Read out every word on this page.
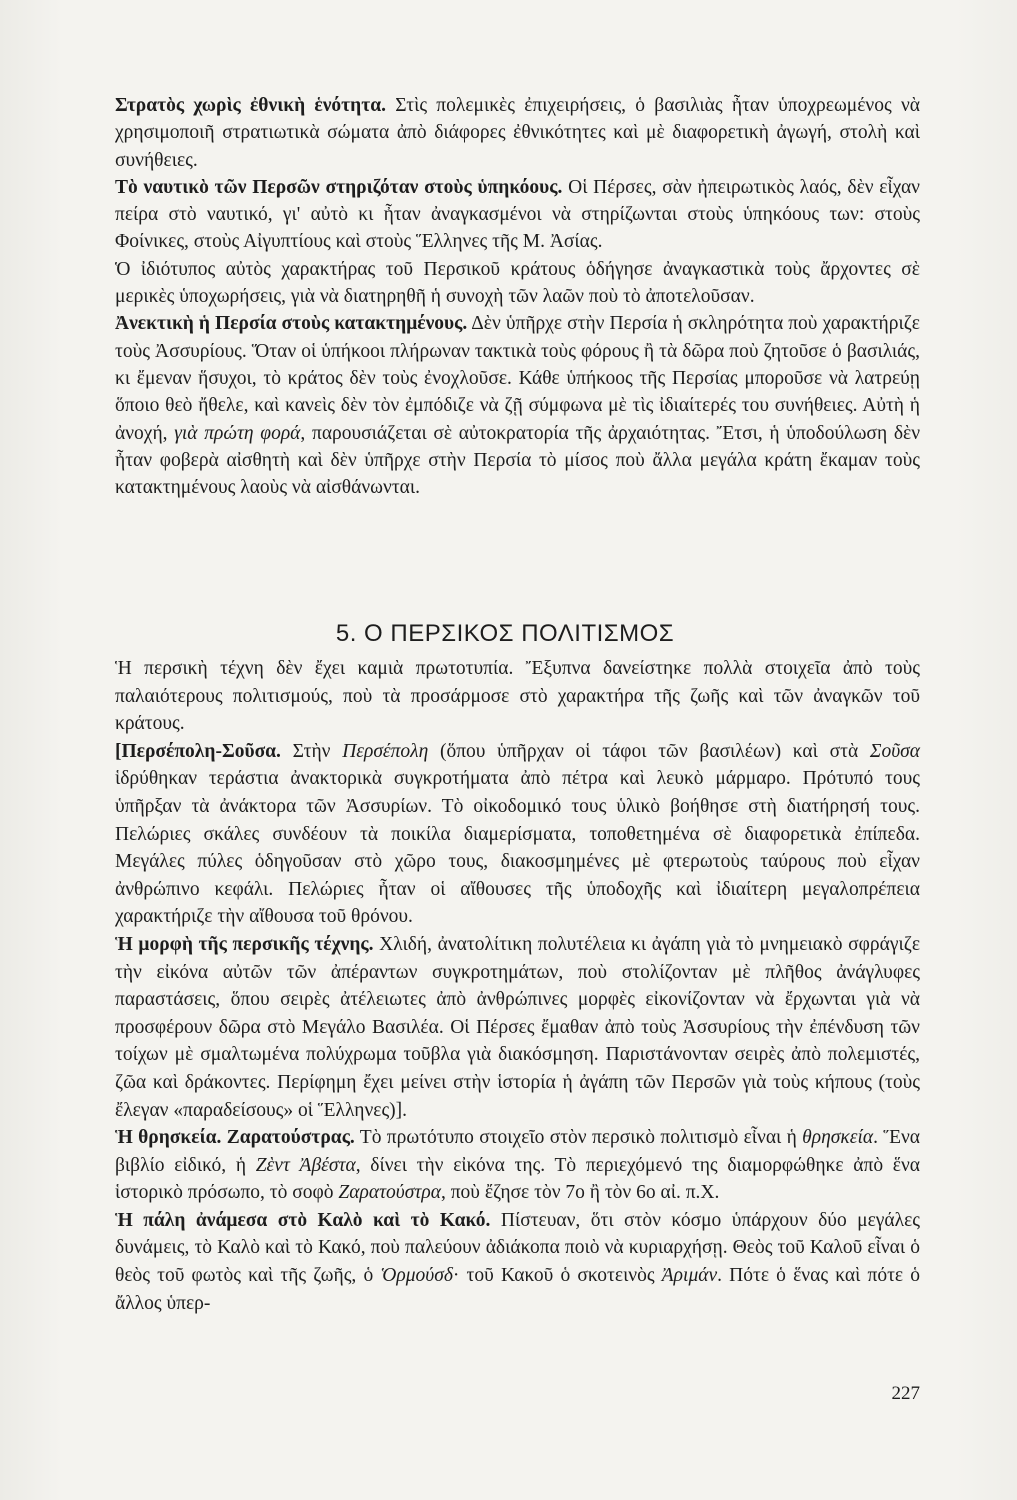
Στρατὸς χωρὶς ἐθνικὴ ἑνότητα. Στὶς πολεμικὲς ἐπιχειρήσεις, ὁ βασιλιὰς ἦταν ὑποχρεωμένος νὰ χρησιμοποιῆ στρατιωτικὰ σώματα ἀπὸ διάφορες ἐθνικότητες καὶ μὲ διαφορετικὴ ἀγωγή, στολὴ καὶ συνήθειες.

Τὸ ναυτικὸ τῶν Περσῶν στηριζόταν στοὺς ὑπηκόους. Οἱ Πέρσες, σὰν ἠπειρωτικὸς λαός, δὲν εἶχαν πείρα στὸ ναυτικό, γι' αὐτὸ κι ἦταν ἀναγκασμένοι νὰ στηρίζωνται στοὺς ὑπηκόους των: στοὺς Φοίνικες, στοὺς Αἰγυπτίους καὶ στοὺς Ἕλληνες τῆς Μ. Ἀσίας.

Ὁ ἰδιότυπος αὐτὸς χαρακτήρας τοῦ Περσικοῦ κράτους ὁδήγησε ἀναγκαστικὰ τοὺς ἄρχοντες σὲ μερικὲς ὑποχωρήσεις, γιὰ νὰ διατηρηθῆ ἡ συνοχὴ τῶν λαῶν ποὺ τὸ ἀποτελοῦσαν.

Ἀνεκτικὴ ἡ Περσία στοὺς κατακτημένους. Δὲν ὑπῆρχε στὴν Περσία ἡ σκληρότητα ποὺ χαρακτήριζε τοὺς Ἀσσυρίους. Ὅταν οἱ ὑπήκοοι πλήρωναν τακτικὰ τοὺς φόρους ἢ τὰ δῶρα ποὺ ζητοῦσε ὁ βασιλιάς, κι ἔμεναν ἥσυχοι, τὸ κράτος δὲν τοὺς ἐνοχλοῦσε. Κάθε ὑπήκοος τῆς Περσίας μποροῦσε νὰ λατρεύῃ ὅποιο θεὸ ἤθελε, καὶ κανεὶς δὲν τὸν ἐμπόδιζε νὰ ζῇ σύμφωνα μὲ τὶς ἰδιαίτερές του συνήθειες. Αὐτὴ ἡ ἀνοχή, γιὰ πρώτη φορά, παρουσιάζεται σὲ αὐτοκρατορία τῆς ἀρχαιότητας. Ἔτσι, ἡ ὑποδούλωση δὲν ἦταν φοβερὰ αἰσθητὴ καὶ δὲν ὑπῆρχε στὴν Περσία τὸ μίσος ποὺ ἄλλα μεγάλα κράτη ἔκαμαν τοὺς κατακτημένους λαοὺς νὰ αἰσθάνωνται.

5. Ο ΠΕΡΣΙΚΟΣ ΠΟΛΙΤΙΣΜΟΣ

Ἡ περσικὴ τέχνη δὲν ἔχει καμιὰ πρωτοτυπία. Ἔξυπνα δανείστηκε πολλὰ στοιχεῖα ἀπὸ τοὺς παλαιότερους πολιτισμούς, ποὺ τὰ προσάρμοσε στὸ χαρακτήρα τῆς ζωῆς καὶ τῶν ἀναγκῶν τοῦ κράτους.

[Περσέπολη-Σοῦσα. Στὴν Περσέπολη (ὅπου ὑπῆρχαν οἱ τάφοι τῶν βασιλέων) καὶ στὰ Σοῦσα ἱδρύθηκαν τεράστια ἀνακτορικὰ συγκροτήματα ἀπὸ πέτρα καὶ λευκὸ μάρμαρο. Πρότυπό τους ὑπῆρξαν τὰ ἀνάκτορα τῶν Ἀσσυρίων. Τὸ οἰκοδομικό τους ὑλικὸ βοήθησε στὴ διατήρησή τους. Πελώριες σκάλες συνδέουν τὰ ποικίλα διαμερίσματα, τοποθετημένα σὲ διαφορετικὰ ἐπίπεδα. Μεγάλες πύλες ὁδηγοῦσαν στὸ χῶρο τους, διακοσμημένες μὲ φτερωτοὺς ταύρους ποὺ εἶχαν ἀνθρώπινο κεφάλι. Πελώριες ἦταν οἱ αἴθουσες τῆς ὑποδοχῆς καὶ ἰδιαίτερη μεγαλοπρέπεια χαρακτήριζε τὴν αἴθουσα τοῦ θρόνου.

Ἡ μορφὴ τῆς περσικῆς τέχνης. Χλιδή, ἀνατολίτικη πολυτέλεια κι ἀγάπη γιὰ τὸ μνημειακὸ σφράγιζε τὴν εἰκόνα αὐτῶν τῶν ἀπέραντων συγκροτημάτων, ποὺ στολίζονταν μὲ πλῆθος ἀνάγλυφες παραστάσεις, ὅπου σειρὲς ἀτέλειωτες ἀπὸ ἀνθρώπινες μορφὲς εἰκονίζονταν νὰ ἔρχωνται γιὰ νὰ προσφέρουν δῶρα στὸ Μεγάλο Βασιλέα. Οἱ Πέρσες ἔμαθαν ἀπὸ τοὺς Ἀσσυρίους τὴν ἐπένδυση τῶν τοίχων μὲ σμαλτωμένα πολύχρωμα τοῦβλα γιὰ διακόσμηση. Παριστάνονταν σειρὲς ἀπὸ πολεμιστές, ζῶα καὶ δράκοντες. Περίφημη ἔχει μείνει στὴν ἱστορία ἡ ἀγάπη τῶν Περσῶν γιὰ τοὺς κήπους (τοὺς ἔλεγαν «παραδείσους» οἱ Ἕλληνες)].

Ἡ θρησκεία. Ζαρατούστρας. Τὸ πρωτότυπο στοιχεῖο στὸν περσικὸ πολιτισμὸ εἶναι ἡ θρησκεία. Ἕνα βιβλίο εἰδικό, ἡ Ζὲντ Ἀβέστα, δίνει τὴν εἰκόνα της. Τὸ περιεχόμενό της διαμορφώθηκε ἀπὸ ἕνα ἱστορικὸ πρόσωπο, τὸ σοφὸ Ζαρατούστρα, ποὺ ἔζησε τὸν 7ο ἢ τὸν 6ο αἰ. π.Χ.

Ἡ πάλη ἀνάμεσα στὸ Καλὸ καὶ τὸ Κακό. Πίστευαν, ὅτι στὸν κόσμο ὑπάρχουν δύο μεγάλες δυνάμεις, τὸ Καλὸ καὶ τὸ Κακό, ποὺ παλεύουν ἀδιάκοπα ποιὸ νὰ κυριαρχήσῃ. Θεὸς τοῦ Καλοῦ εἶναι ὁ θεὸς τοῦ φωτὸς καὶ τῆς ζωῆς, ὁ Ὁρμούσδ· τοῦ Κακοῦ ὁ σκοτεινὸς Ἀριμάν. Πότε ὁ ἕνας καὶ πότε ὁ ἄλλος ὑπερ-

227
